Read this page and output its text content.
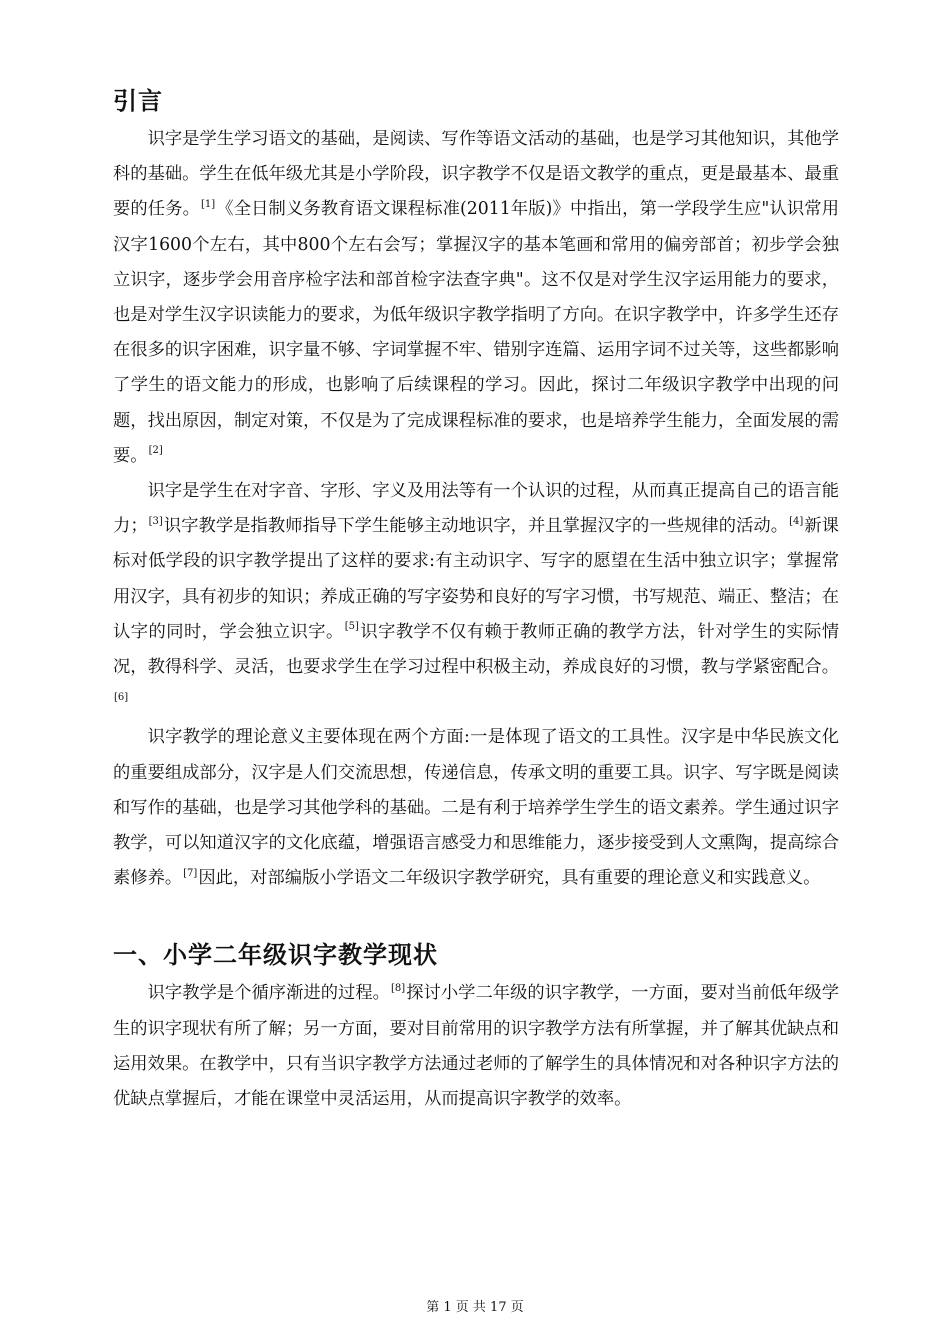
引言

识字是学生学习语文的基础，是阅读、写作等语文活动的基础，也是学习其他知识，其他学科的基础。学生在低年级尤其是小学阶段，识字教学不仅是语文教学的重点，更是最基本、最重要的任务。[1]《全日制义务教育语文课程标准(2011年版)》中指出，第一学段学生应"认识常用汉字1600个左右，其中800个左右会写；掌握汉字的基本笔画和常用的偏旁部首；初步学会独立识字，逐步学会用音序检字法和部首检字法查字典"。这不仅是对学生汉字运用能力的要求，也是对学生汉字识读能力的要求，为低年级识字教学指明了方向。在识字教学中，许多学生还存在很多的识字困难，识字量不够、字词掌握不牢、错别字连篇、运用字词不过关等，这些都影响了学生的语文能力的形成，也影响了后续课程的学习。因此，探讨二年级识字教学中出现的问题，找出原因，制定对策，不仅是为了完成课程标准的要求，也是培养学生能力，全面发展的需要。[2]

识字是学生在对字音、字形、字义及用法等有一个认识的过程，从而真正提高自己的语言能力；[3]识字教学是指教师指导下学生能够主动地识字，并且掌握汉字的一些规律的活动。[4]新课标对低学段的识字教学提出了这样的要求:有主动识字、写字的愿望在生活中独立识字；掌握常用汉字，具有初步的知识；养成正确的写字姿势和良好的写字习惯，书写规范、端正、整洁；在认字的同时，学会独立识字。[5]识字教学不仅有赖于教师正确的教学方法，针对学生的实际情况，教得科学、灵活，也要求学生在学习过程中积极主动，养成良好的习惯，教与学紧密配合。[6]

识字教学的理论意义主要体现在两个方面:一是体现了语文的工具性。汉字是中华民族文化的重要组成部分，汉字是人们交流思想，传递信息，传承文明的重要工具。识字、写字既是阅读和写作的基础，也是学习其他学科的基础。二是有利于培养学生学生的语文素养。学生通过识字教学，可以知道汉字的文化底蕴，增强语言感受力和思维能力，逐步接受到人文熏陶，提高综合素修养。[7]因此，对部编版小学语文二年级识字教学研究，具有重要的理论意义和实践意义。

一、小学二年级识字教学现状

识字教学是个循序渐进的过程。[8]探讨小学二年级的识字教学，一方面，要对当前低年级学生的识字现状有所了解；另一方面，要对目前常用的识字教学方法有所掌握，并了解其优缺点和运用效果。在教学中，只有当识字教学方法通过老师的了解学生的具体情况和对各种识字方法的优缺点掌握后，才能在课堂中灵活运用，从而提高识字教学的效率。

第 1 页 共 17 页
